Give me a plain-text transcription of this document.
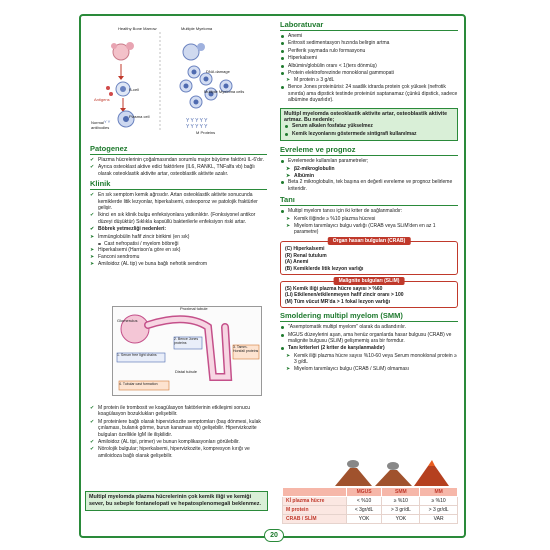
Y Y	Y Y Y Y Y
Y Y Y Y Y
Healthy Bone Marrow	Multiple Myeloma
DNA damage
Antigens
B-cell	Multiple Myeloma cells
Plasma cell
Normal antibodies
M Proteins
Patogenez
✔ Plazma hücrelerinin çoğalmasından sorumlu major büyüme faktörü IL-6'dır.
✔ Ayrıca osteoklast aktive edici faktörlere (IL6, RANKL, TNFalfa vb) bağlı olarak osteoklastik aktivite artar, osteoblastik aktivite azalır.
Klinik
✔ En sık semptom kemik ağrısıdır. Artan osteoklastik aktivite sonucunda kemiklerde litik lezyonlar, hiperkalsemi, osteoporoz ve patolojik fraktürler gelişir.
✔ İkinci en sık klinik bulgu enfeksiyonlara yatkınlıktır. (Fonksiyonel antikor düzeyi düşüktür) Sıklıkla kapsüllü bakterilerle enfeksiyon riski artar.
✔ Böbrek yetmezliği nedenleri:
➤ İmmünglobülin hafif zincir birikimi (en sık)
Cast nefropatisi / myelom böbreği
➤ Hiperkalsemi (Harrison'a göre en sık)
➤ Fanconi sendromu
➤ Amiloidoz (AL tip) ve buna bağlı nefrotik sendrom
Glomerulus
Proximal tubule
2. Bence Jones proteins
3. Tamm-Horsfall proteins
1. Serum free light chains
Distal tubule
4. Tubular cast formation
✔ M protein ile trombosit ve koagülasyon faktörlerinin etkileşimi sonucu koagülasyon bozuklukları gelişebilir.
✔ M proteinlere bağlı olarak hipervizkozite semptomları (baş dönmesi, kulak çınlaması, bulanık görme, burun kanaması vb) gelişebilir. Hipervizkozite bulguları özellikle IgM ile ilişkilidir.
✔ Amiloidoz (AL tipi, primer) ve bunun komplikasyonları görülebilir.
✔ Nörolojik bulgular; hiperkalsemi, hipervizkozite, kompresyon kırığı ve amiloidoza bağlı olarak gelişebilir.
Multipl myelomda plazma hücrelerinin çok kemik iliği ve kemiği sever, bu sebeple fontanelopati ve hepatosplenomegali beklenmez.
Laboratuvar
Anemi
Eritrosit sedimentasyon hızında belirgin artma
Periferik yaymada rulo formasyonu
Hiperkalsemi
Albümin/globülin oranı < 1(ters dönmüş)
Protein elektroforezinde monoklonal gammopati
➤ M protein ≥ 3 g/dL
Bence Jones proteinürisi: 24 saatlik idrarda protein çok yüksek (nefrotik sınırda) ama dipstick testinde proteinüri saptanamaz (çünkü dipstick, sadece albümine duyarlıdır).
Multipl myelomda osteoklastik aktivite artar, osteoblastik aktivite artmaz. Bu nedenle;
Serum alkalen fosfataz yükselmez
Kemik lezyonlarını göstermede sintigrafi kullanılmaz
Evreleme ve prognoz
Evrelemede kullanılan parametreler;
➤ β2-mikroglobulin
➤ Albümin
Beta 2 mikroglobulin, tek başına en değerli evreleme ve prognoz belirleme kriteridir.
Tanı
Multipl myelom tanısı için iki kriter de sağlanmalıdır:
➤ Kemik iliğinde ≥ %10 plazma hücresi
➤ Miyelom tanımlayıcı bulgu varlığı (CRAB veya SLiM'den en az 1 parametre)
Organ hasarı bulguları (CRAB)
(C) Hiperkalsemi
(R) Renal tutulum
(A) Anemi
(B) Kemiklerde litik lezyon varlığı
Malignite bulguları (SLiM)
(S) Kemik iliği plazma hücre sayısı > %60
(Li) Etkilenen/etkilenmeyen hafif zincir oranı > 100
(M) Tüm vücut MR'da > 1 fokal lezyon varlığı
Smoldering multipl myelom (SMM)
"Asemptomatik multipl myelom" olarak da adlandırılır.
MGUS düzeylerini aşan, ama henüz organlarda hasar bulgusu (CRAB) ve malignite bulgusu (SLiM) gelişmemiş ara bir formdur.
Tanı kriterleri (2 kriter de karşılanmalıdır)
➤ Kemik iliği plazma hücre sayısı %10-60 veya Serum monoklonal protein ≥ 3 g/dL
➤ Miyelom tanımlayıcı bulgu (CRAB / SLiM) olmaması
	MGUS	SMM	MM
Kİ plazma hücre	< %10	≥ %10	≥ %10
M protein	< 3gr/dL	> 3 gr/dL	> 3 gr/dL
CRAB / SLİM	YOK	YOK	VAR
20
